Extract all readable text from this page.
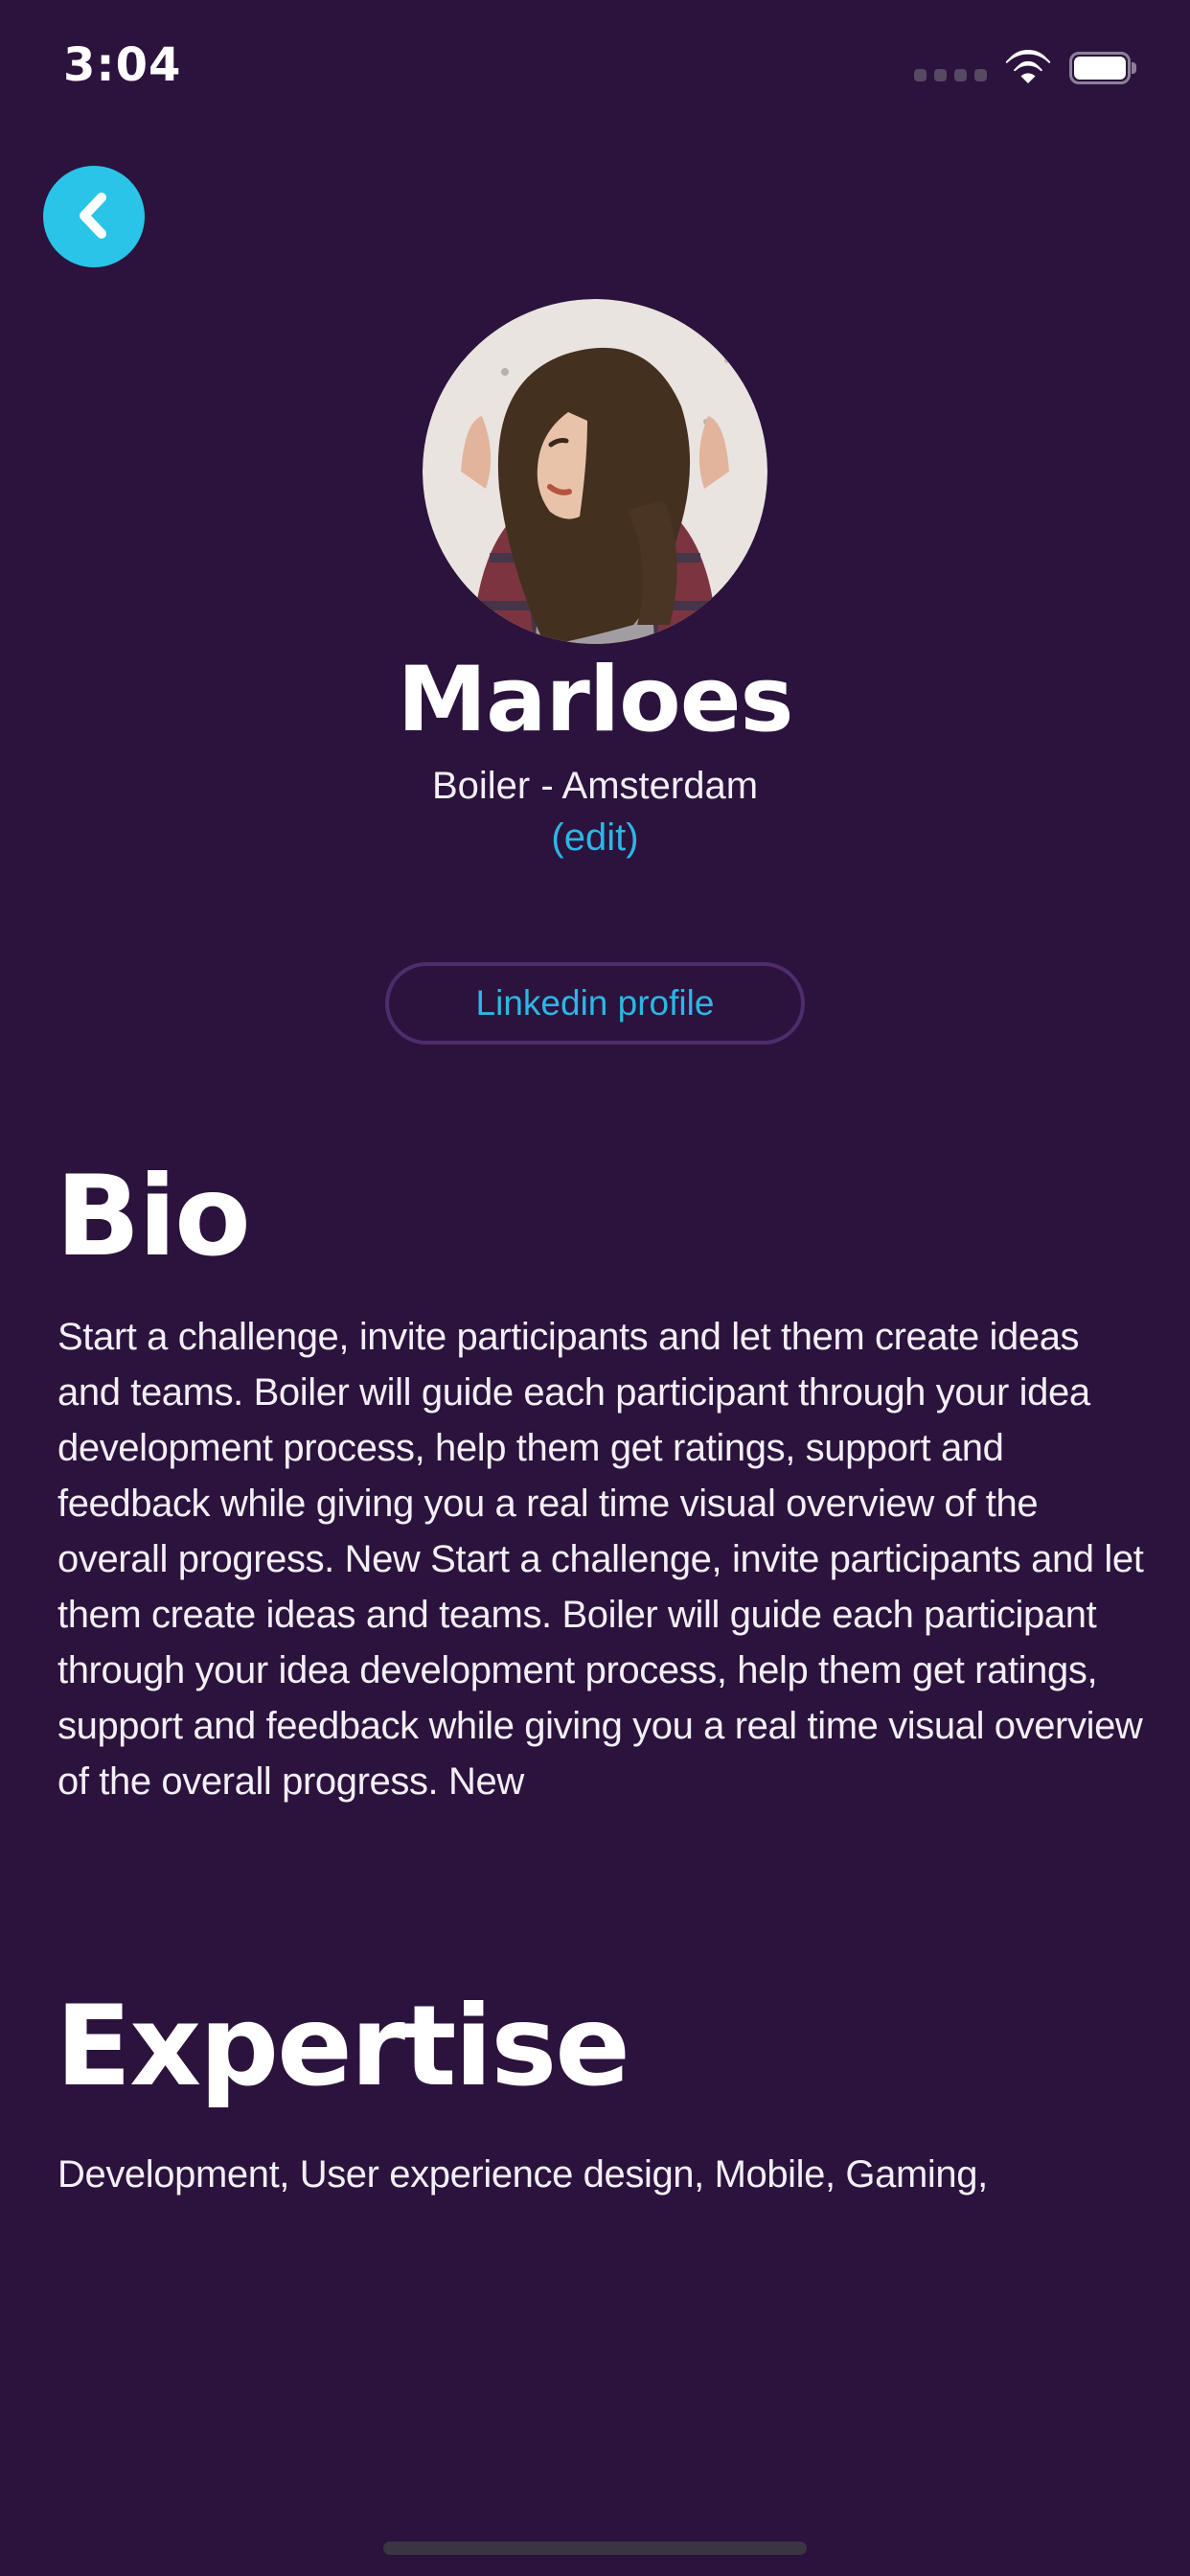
3:04
Marloes
Boiler - Amsterdam
(edit)
Linkedin profile
Bio
Start a challenge, invite participants and let them create ideas and teams. Boiler will guide each participant through your idea development process, help them get ratings, support and feedback while giving you a real time visual overview of the overall progress. New Start a challenge, invite participants and let them create ideas and teams. Boiler will guide each participant through your idea development process, help them get ratings, support and feedback while giving you a real time visual overview of the overall progress. New
Expertise
Development, User experience design, Mobile, Gaming,
